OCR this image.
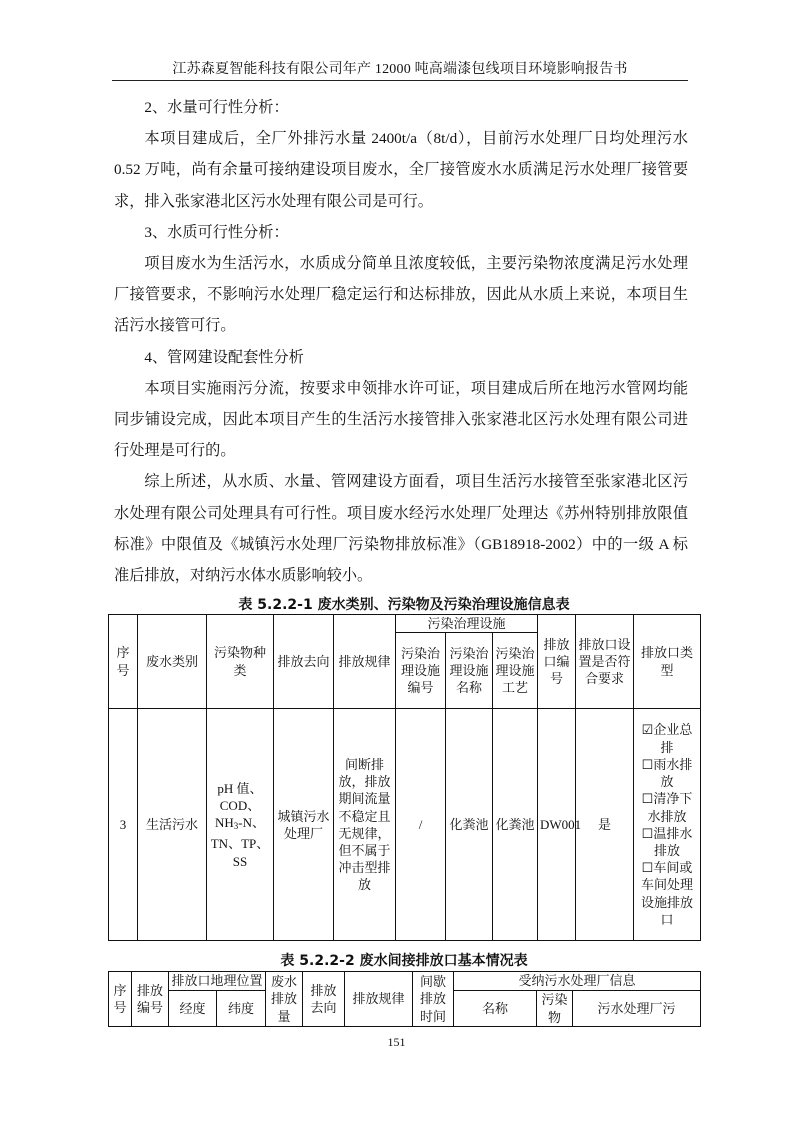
江苏森夏智能科技有限公司年产 12000 吨高端漆包线项目环境影响报告书

2、水量可行性分析：

本项目建成后，全厂外排污水量 2400t/a（8t/d），目前污水处理厂日均处理污水 0.52 万吨，尚有余量可接纳建设项目废水，全厂接管废水水质满足污水处理厂接管要求，排入张家港北区污水处理有限公司是可行。

3、水质可行性分析：

项目废水为生活污水，水质成分简单且浓度较低，主要污染物浓度满足污水处理厂接管要求，不影响污水处理厂稳定运行和达标排放，因此从水质上来说，本项目生活污水接管可行。

4、管网建设配套性分析

本项目实施雨污分流，按要求申领排水许可证，项目建成后所在地污水管网均能同步铺设完成，因此本项目产生的生活污水接管排入张家港北区污水处理有限公司进行处理是可行的。

综上所述，从水质、水量、管网建设方面看，项目生活污水接管至张家港北区污水处理有限公司处理具有可行性。项目废水经污水处理厂处理达《苏州特别排放限值标准》中限值及《城镇污水处理厂污染物排放标准》（GB18918-2002）中的一级 A 标准后排放，对纳污水体水质影响较小。

表 5.2.2-1 废水类别、污染物及污染治理设施信息表
序号	废水类别	污染物种类	排放去向	排放规律	污染治理设施			排放口编号	排放口设置是否符合要求	排放口类型
					污染治理设施编号	污染治理设施名称	污染治理设施工艺			
3	生活污水	pH 值、COD、$NH_3-N$、TN、TP、SS	城镇污水处理厂	间断排放，排放期间流量不稳定且无规律，但不属于冲击型排放	/	化粪池	化粪池	DW001	是	☑企业总排
☐雨水排放
☐清净下水排放
☐温排水排放
☐车间或车间处理设施排放口
表 5.2.2-2 废水间接排放口基本情况表
序号	排放编号	排放口地理位置		废水排放量	排放去向	排放规律	间歇排放时间	受纳污水处理厂信息		
		经度	纬度					名称	污染物	污水处理厂污
151
